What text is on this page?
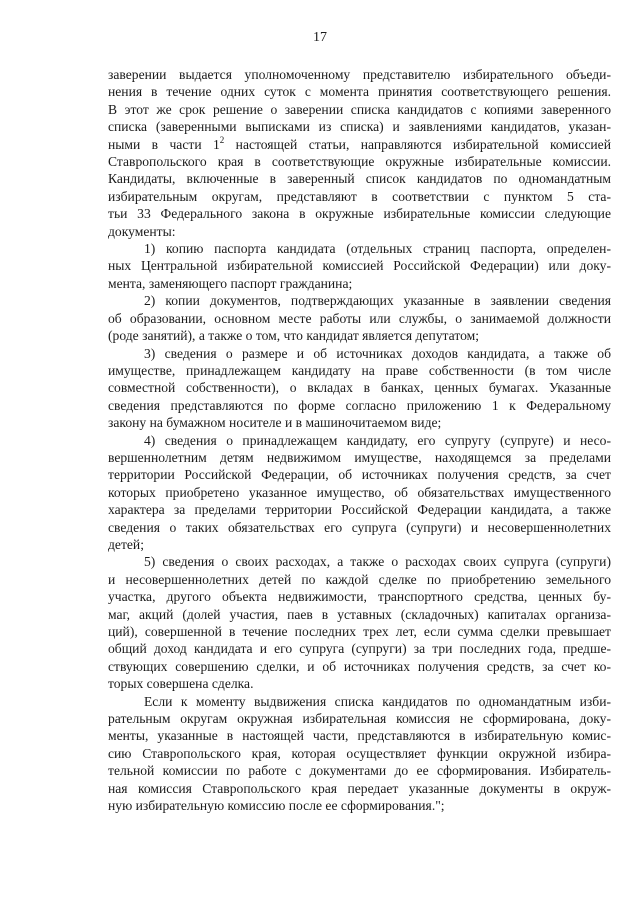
17
заверении выдается уполномоченному представителю избирательного объеди-
нения в течение одних суток с момента принятия соответствующего решения.
В этот же срок решение о заверении списка кандидатов с копиями заверенного
списка (заверенными выписками из списка) и заявлениями кандидатов, указан-
ными в части $1^2$ настоящей статьи, направляются избирательной комиссией
Ставропольского края в соответствующие окружные избирательные комиссии.
Кандидаты, включенные в заверенный список кандидатов по одномандатным
избирательным округам, представляют в соответствии с пунктом 5 ста-
тьи 33 Федерального закона в окружные избирательные комиссии следующие
документы:
1) копию паспорта кандидата (отдельных страниц паспорта, определен-
ных Центральной избирательной комиссией Российской Федерации) или доку-
мента, заменяющего паспорт гражданина;
2) копии документов, подтверждающих указанные в заявлении сведения
об образовании, основном месте работы или службы, о занимаемой должности
(роде занятий), а также о том, что кандидат является депутатом;
3) сведения о размере и об источниках доходов кандидата, а также об
имуществе, принадлежащем кандидату на праве собственности (в том числе
совместной собственности), о вкладах в банках, ценных бумагах. Указанные
сведения представляются по форме согласно приложению 1 к Федеральному
закону на бумажном носителе и в машиночитаемом виде;
4) сведения о принадлежащем кандидату, его супругу (супруге) и несо-
вершеннолетним детям недвижимом имуществе, находящемся за пределами
территории Российской Федерации, об источниках получения средств, за счет
которых приобретено указанное имущество, об обязательствах имущественного
характера за пределами территории Российской Федерации кандидата, а также
сведения о таких обязательствах его супруга (супруги) и несовершеннолетних
детей;
5) сведения о своих расходах, а также о расходах своих супруга (супруги)
и несовершеннолетних детей по каждой сделке по приобретению земельного
участка, другого объекта недвижимости, транспортного средства, ценных бу-
маг, акций (долей участия, паев в уставных (складочных) капиталах организа-
ций), совершенной в течение последних трех лет, если сумма сделки превышает
общий доход кандидата и его супруга (супруги) за три последних года, предше-
ствующих совершению сделки, и об источниках получения средств, за счет ко-
торых совершена сделка.
Если к моменту выдвижения списка кандидатов по одномандатным изби-
рательным округам окружная избирательная комиссия не сформирована, доку-
менты, указанные в настоящей части, представляются в избирательную комис-
сию Ставропольского края, которая осуществляет функции окружной избира-
тельной комиссии по работе с документами до ее сформирования. Избиратель-
ная комиссия Ставропольского края передает указанные документы в окруж-
ную избирательную комиссию после ее сформирования.";
